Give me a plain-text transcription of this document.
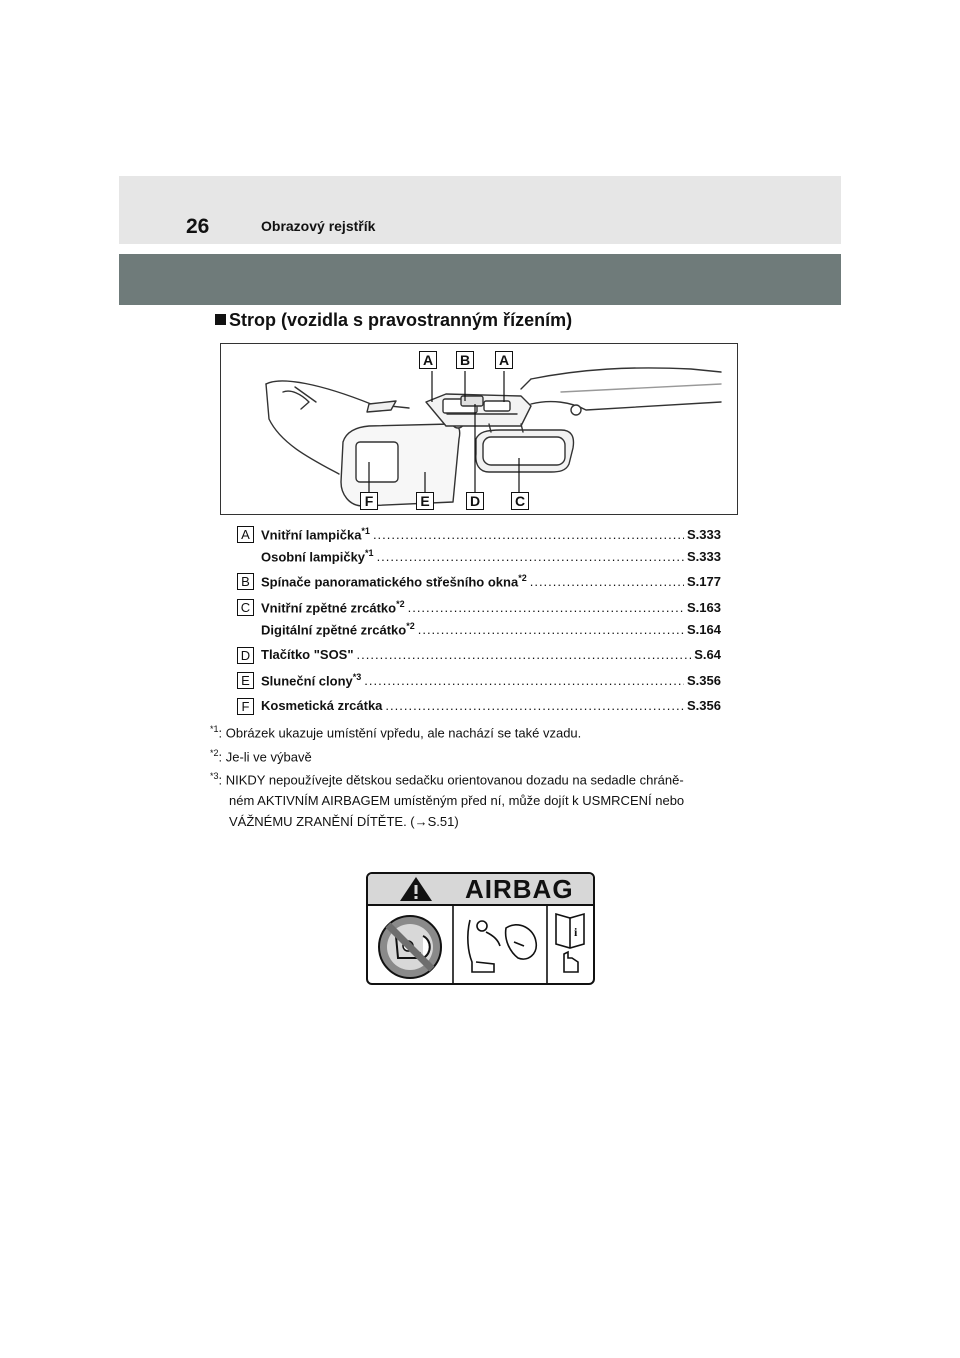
26	Obrazový rejstřík
Strop (vozidla s pravostranným řízením)
A B A
F	E	D C
A Vnitřní lampička$^{*1}$ .....	S.333
Osobní lampičky$^{*1}$ .....	S.333
B Spínače panoramatického střešního okna$^{*2}$ .....	S.177
C Vnitřní zpětné zrcátko$^{*2}$ .....	S.163
Digitální zpětné zrcátko$^{*2}$ .....	S.164
D Tlačítko "SOS" .....	S.64
E Sluneční clony$^{*3}$ .....	S.356
F Kosmetická zrcátka .....	S.356
$^{*1}$: Obrázek ukazuje umístění vpředu, ale nachází se také vzadu.
$^{*2}$: Je-li ve výbavě
$^{*3}$: NIKDY nepoužívejte dětskou sedačku orientovanou dozadu na sedadle chráně-
ném AKTIVNÍM AIRBAGEM umístěným před ní, může dojít k USMRCENÍ nebo
VÁŽNÉMU ZRANĚNÍ DÍTĚTE. (→S.51)
AIRBAG
i
